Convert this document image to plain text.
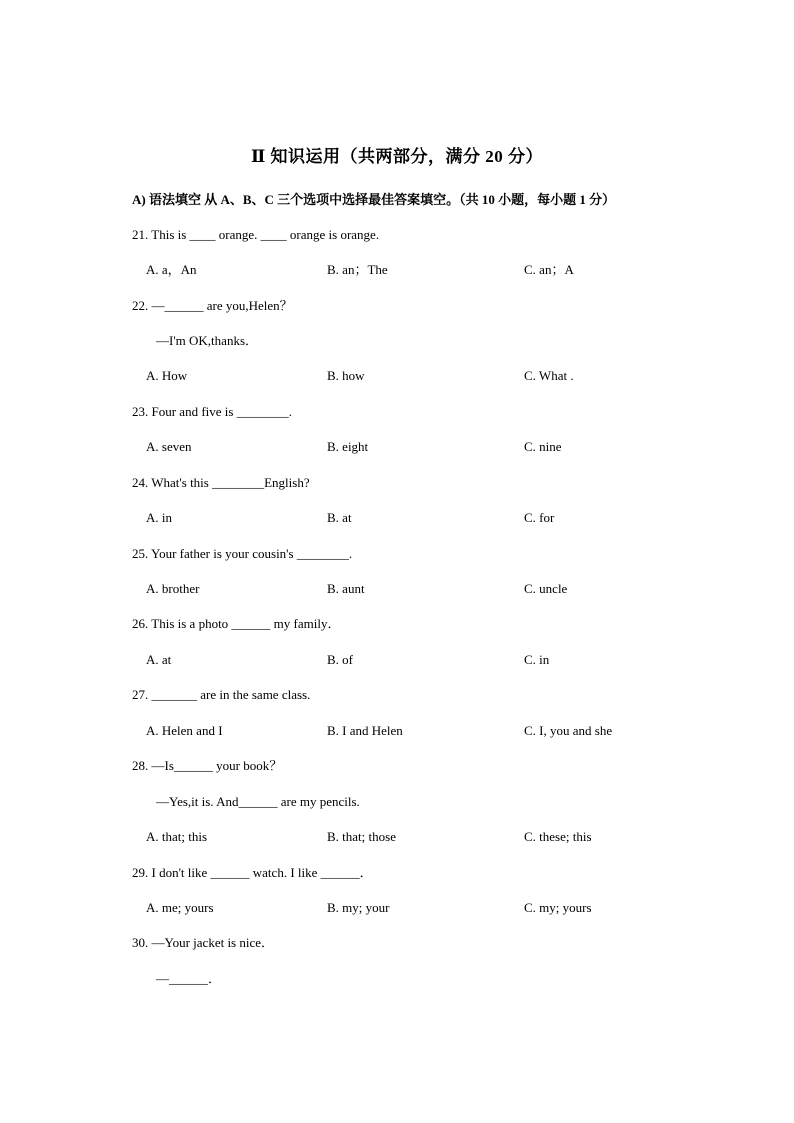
Ⅱ 知识运用（共两部分，满分 20 分）
A) 语法填空 从 A、B、C 三个选项中选择最佳答案填空。（共 10 小题，每小题 1 分）
21. This is ____ orange. ____ orange is orange.
A. a，An	B. an；The	C. an；A
22. —______ are you,Helen？
—I'm OK,thanks．
A. How	B. how	C. What .
23. Four and five is ________.
A. seven	B. eight	C. nine
24. What's this ________English?
A. in	B. at	C. for
25. Your father is your cousin's ________.
A. brother	B. aunt	C. uncle
26. This is a photo ______ my family．
A. at	B. of	C. in
27. _______ are in the same class.
A. Helen and I	B. I and Helen	C. I, you and she
28. —Is______ your book？
—Yes,it is. And______ are my pencils.
A. that; this	B. that; those	C. these; this
29. I don't like ______ watch. I like ______．
A. me; yours	B. my; your	C. my; yours
30. —Your jacket is nice．
—______．
